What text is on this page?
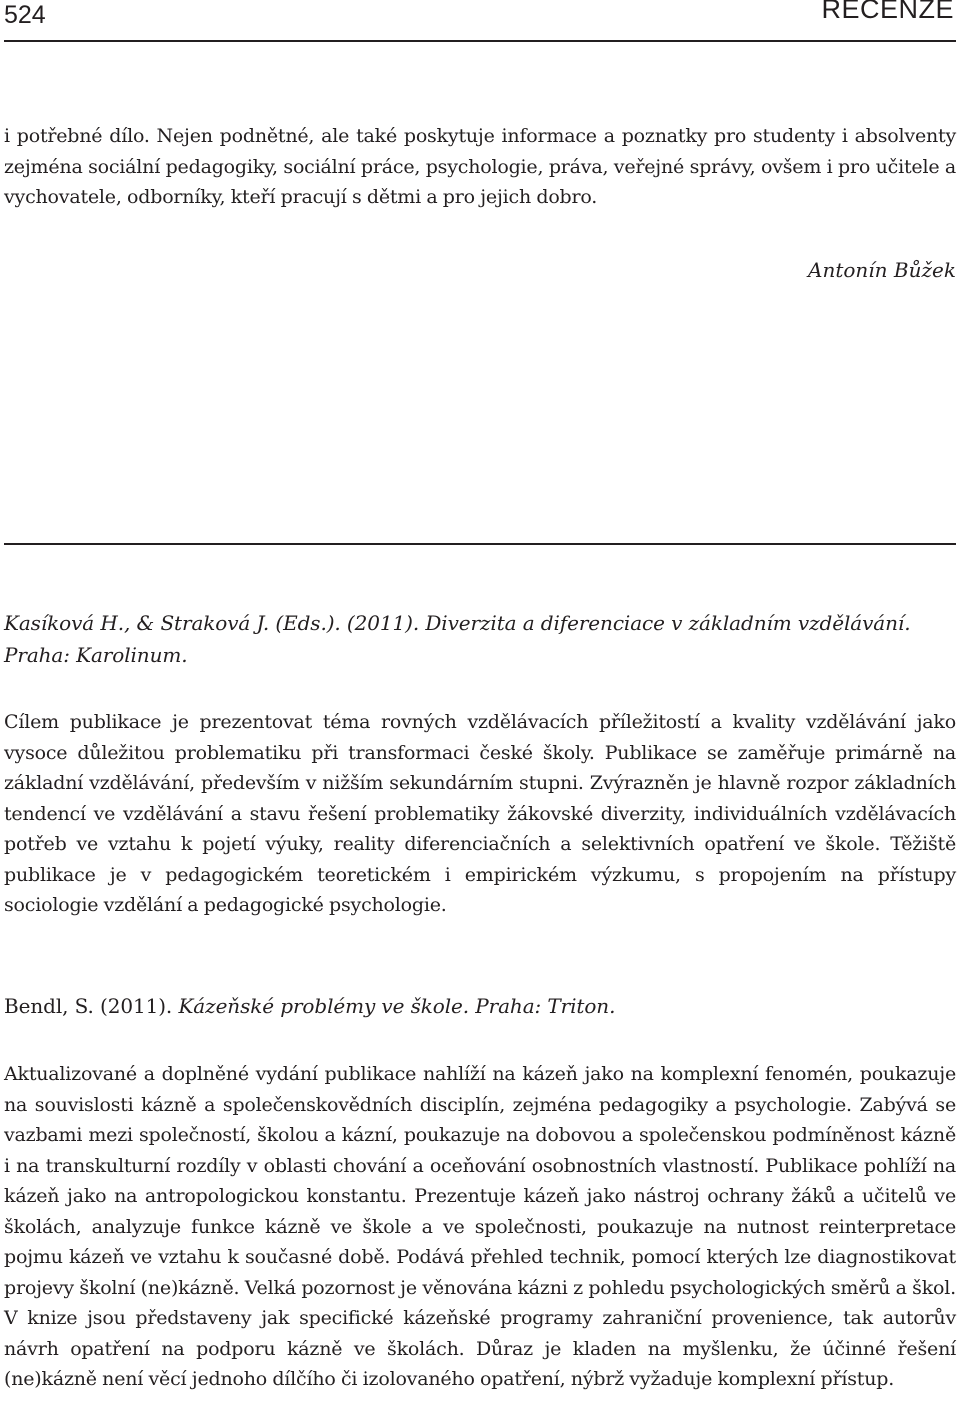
524	RECENZE

i potřebné dílo. Nejen podnětné, ale také poskytuje informace a poznatky pro studenty i absolventy zejména sociální pedagogiky, sociální práce, psychologie, práva, veřejné správy, ovšem i pro učitele a vychovatele, odborníky, kteří pracují s dětmi a pro jejich dobro.

Antonín Bůžek
Kasíková H., & Straková J. (Eds.). (2011). Diverzita a diferenciace v základním vzdělávání. Praha: Karolinum.

Cílem publikace je prezentovat téma rovných vzdělávacích příležitostí a kvality vzdělávání jako vysoce důležitou problematiku při transformaci české školy. Publikace se zaměřuje primárně na základní vzdělávání, především v nižším sekundárním stupni. Zvýrazněn je hlavně rozpor základních tendencí ve vzdělávání a stavu řešení problematiky žákovské diverzity, individuálních vzdělávacích potřeb ve vztahu k pojetí výuky, reality diferenciačních a selektivních opatření ve škole. Těžiště publikace je v pedagogickém teoretickém i empirickém výzkumu, s propojením na přístupy sociologie vzdělání a pedagogické psychologie.

Bendl, S. (2011). Kázeňské problémy ve škole. Praha: Triton.

Aktualizované a doplněné vydání publikace nahlíží na kázeň jako na komplexní fenomén, poukazuje na souvislosti kázně a společenskovědních disciplín, zejména pedagogiky a psychologie. Zabývá se vazbami mezi společností, školou a kázní, poukazuje na dobovou a společenskou podmíněnost kázně i na transkulturní rozdíly v oblasti chování a oceňování osobnostních vlastností. Publikace pohlíží na kázeň jako na antropologickou konstantu. Prezentuje kázeň jako nástroj ochrany žáků a učitelů ve školách, analyzuje funkce kázně ve škole a ve společnosti, poukazuje na nutnost reinterpretace pojmu kázeň ve vztahu k současné době. Podává přehled technik, pomocí kterých lze diagnostikovat projevy školní (ne)kázně. Velká pozornost je věnována kázni z pohledu psychologických směrů a škol. V knize jsou představeny jak specifické kázeňské programy zahraniční provenience, tak autorův návrh opatření na podporu kázně ve školách. Důraz je kladen na myšlenku, že účinné řešení (ne)kázně není věcí jednoho dílčího či izolovaného opatření, nýbrž vyžaduje komplexní přístup.
